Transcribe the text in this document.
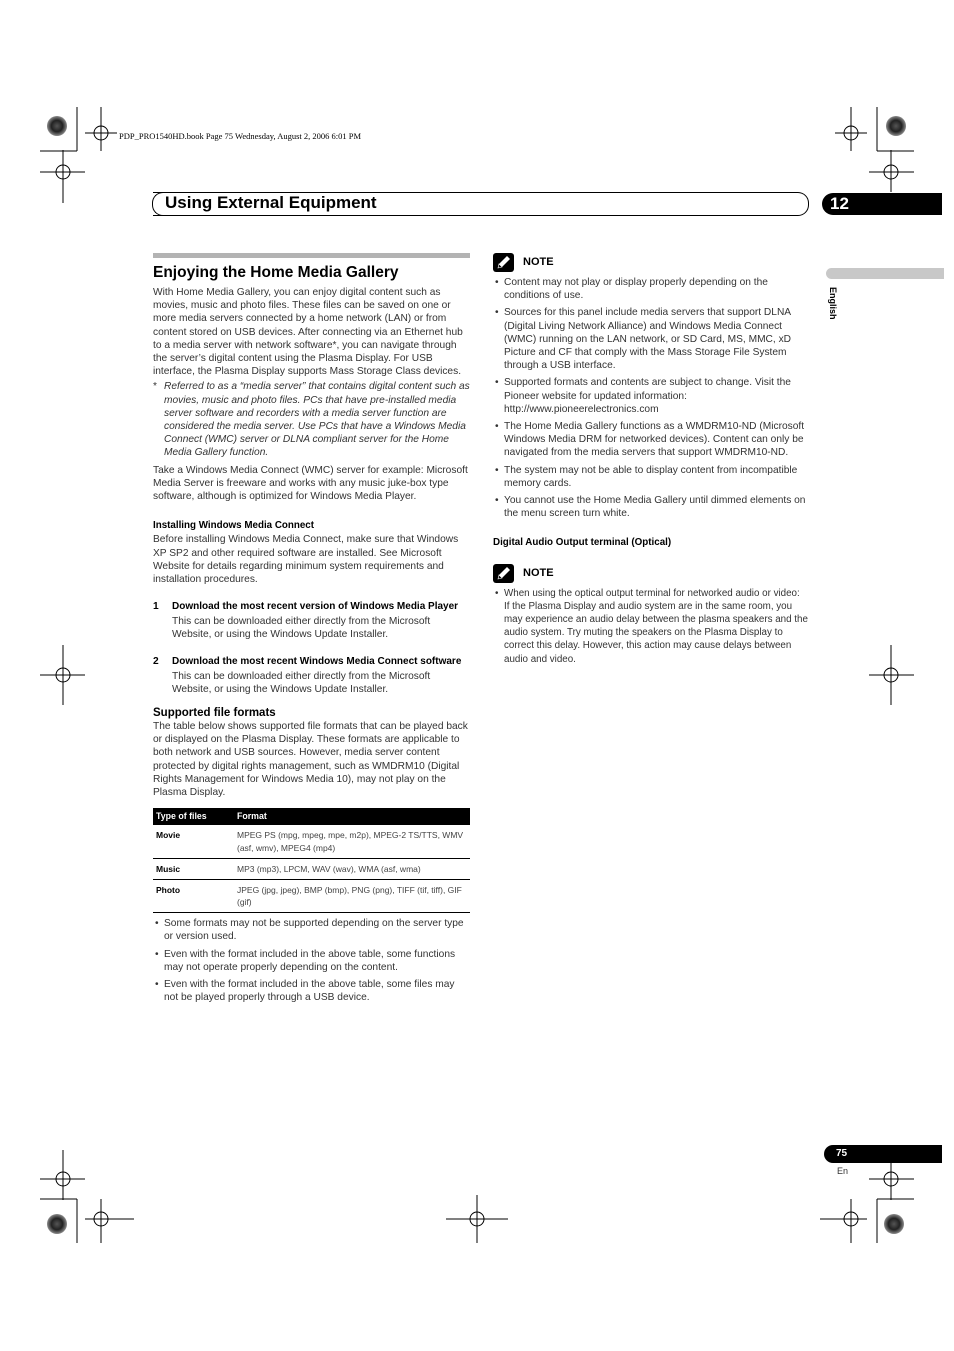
PDP_PRO1540HD.book Page 75 Wednesday, August 2, 2006 6:01 PM
Using External Equipment	12
English
Enjoying the Home Media Gallery

With Home Media Gallery, you can enjoy digital content such as movies, music and photo files. These files can be saved on one or more media servers connected by a home network (LAN) or from content stored on USB devices. After connecting via an Ethernet hub to a media server with network software*, you can navigate through the server’s digital content using the Plasma Display. For USB interface, the Plasma Display supports Mass Storage Class devices.

* Referred to as a “media server” that contains digital content such as movies, music and photo files. PCs that have pre-installed media server software and recorders with a media server function are considered the media server. Use PCs that have a Windows Media Connect (WMC) server or DLNA compliant server for the Home Media Gallery function.

Take a Windows Media Connect (WMC) server for example: Microsoft Media Server is freeware and works with any music juke-box type software, although is optimized for Windows Media Player.

Installing Windows Media Connect

Before installing Windows Media Connect, make sure that Windows XP SP2 and other required software are installed. See Microsoft Website for details regarding minimum system requirements and installation procedures.

1 Download the most recent version of Windows Media Player
This can be downloaded either directly from the Microsoft Website, or using the Windows Update Installer.
2 Download the most recent Windows Media Connect software
This can be downloaded either directly from the Microsoft Website, or using the Windows Update Installer.
Supported file formats

The table below shows supported file formats that can be played back or displayed on the Plasma Display. These formats are applicable to both network and USB sources. However, media server content protected by digital rights management, such as WMDRM10 (Digital Rights Management for Windows Media 10), may not play on the Plasma Display.

Type of files	Format
Movie	MPEG PS (mpg, mpeg, mpe, m2p), MPEG-2 TS/TTS, WMV (asf, wmv), MPEG4 (mp4)
Music	MP3 (mp3), LPCM, WAV (wav), WMA (asf, wma)
Photo	JPEG (jpg, jpeg), BMP (bmp), PNG (png), TIFF (tif, tiff), GIF (gif)
• Some formats may not be supported depending on the server type or version used.
• Even with the format included in the above table, some functions may not operate properly depending on the content.
• Even with the format included in the above table, some files may not be played properly through a USB device.
NOTE
• Content may not play or display properly depending on the conditions of use.
• Sources for this panel include media servers that support DLNA (Digital Living Network Alliance) and Windows Media Connect (WMC) running on the LAN network, or SD Card, MS, MMC, xD Picture and CF that comply with the Mass Storage File System through a USB interface.
• Supported formats and contents are subject to change. Visit the Pioneer website for updated information: http://www.pioneerelectronics.com
• The Home Media Gallery functions as a WMDRM10-ND (Microsoft Windows Media DRM for networked devices). Content can only be navigated from the media servers that support WMDRM10-ND.
• The system may not be able to display content from incompatible memory cards.
• You cannot use the Home Media Gallery until dimmed elements on the menu screen turn white.
Digital Audio Output terminal (Optical)
NOTE
• When using the optical output terminal for networked audio or video:
If the Plasma Display and audio system are in the same room, you may experience an audio delay between the plasma speakers and the audio system. Try muting the speakers on the Plasma Display to correct this delay. However, this action may cause delays between audio and video.
75
En
